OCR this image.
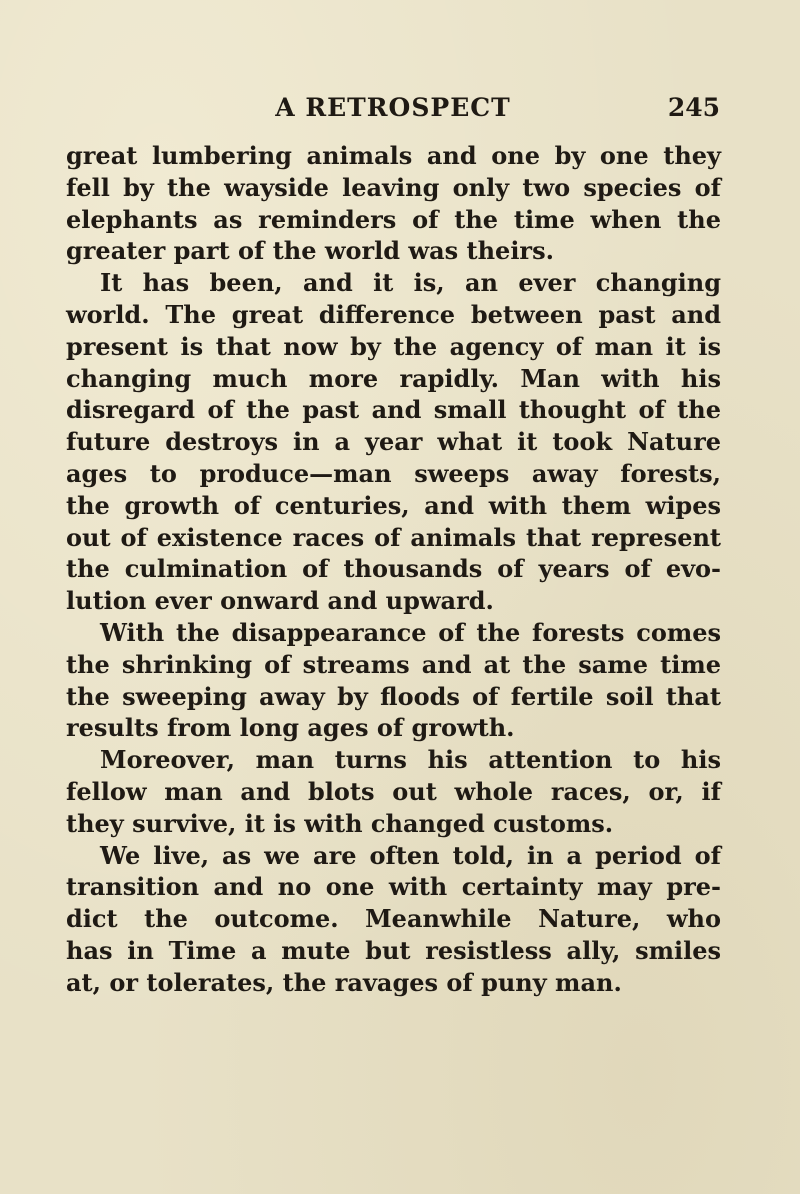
A RETROSPECT	245

great lumbering animals and one by one they
fell by the wayside leaving only two species of
elephants as reminders of the time when the
greater part of the world was theirs.

It has been, and it is, an ever changing
world. The great difference between past and
present is that now by the agency of man it is
changing much more rapidly. Man with his
disregard of the past and small thought of the
future destroys in a year what it took Nature
ages to produce—man sweeps away forests,
the growth of centuries, and with them wipes
out of existence races of animals that represent
the culmination of thousands of years of evo-
lution ever onward and upward.

With the disappearance of the forests comes
the shrinking of streams and at the same time
the sweeping away by floods of fertile soil that
results from long ages of growth.

Moreover, man turns his attention to his
fellow man and blots out whole races, or, if
they survive, it is with changed customs.

We live, as we are often told, in a period of
transition and no one with certainty may pre-
dict the outcome. Meanwhile Nature, who
has in Time a mute but resistless ally, smiles
at, or tolerates, the ravages of puny man.
